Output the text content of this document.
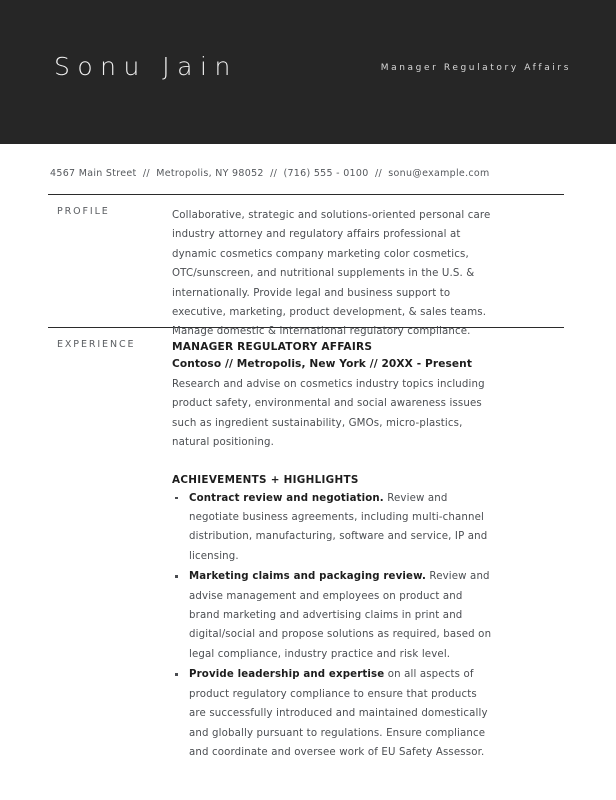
Sonu Jain	Manager Regulatory Affairs
4567 Main Street // Metropolis, NY 98052 // (716) 555 - 0100 // sonu@example.com
PROFILE	Collaborative, strategic and solutions-oriented personal care industry attorney and regulatory affairs professional at dynamic cosmetics company marketing color cosmetics, OTC/sunscreen, and nutritional supplements in the U.S. & internationally. Provide legal and business support to executive, marketing, product development, & sales teams. Manage domestic & international regulatory compliance.
EXPERIENCE	MANAGER REGULATORY AFFAIRS
Contoso // Metropolis, New York // 20XX - Present
Research and advise on cosmetics industry topics including product safety, environmental and social awareness issues such as ingredient sustainability, GMOs, micro-plastics, natural positioning.
ACHIEVEMENTS + HIGHLIGHTS
Contract review and negotiation. Review and negotiate business agreements, including multi-channel distribution, manufacturing, software and service, IP and licensing.
Marketing claims and packaging review. Review and advise management and employees on product and brand marketing and advertising claims in print and digital/social and propose solutions as required, based on legal compliance, industry practice and risk level.
Provide leadership and expertise on all aspects of product regulatory compliance to ensure that products are successfully introduced and maintained domestically and globally pursuant to regulations. Ensure compliance and coordinate and oversee work of EU Safety Assessor.
